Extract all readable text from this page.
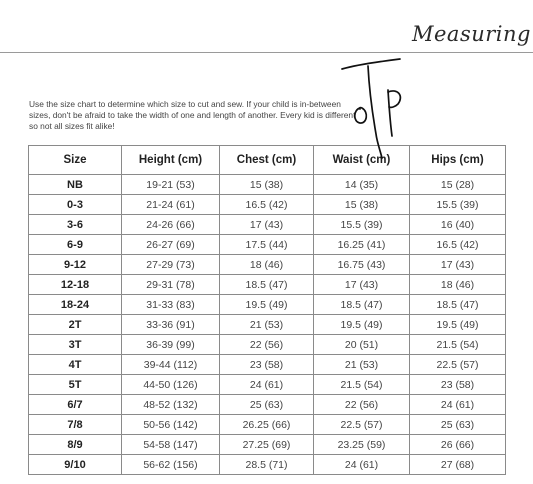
Measuring

Use the size chart to determine which size to cut and sew. If your child is in-between sizes, don't be afraid to take the width of one and length of another. Every kid is different so not all sizes fit alike!

Size	Height (cm)	Chest (cm)	Waist (cm)	Hips (cm)
NB	19-21 (53)	15 (38)	14 (35)	15 (28)
0-3	21-24 (61)	16.5 (42)	15 (38)	15.5 (39)
3-6	24-26 (66)	17 (43)	15.5 (39)	16 (40)
6-9	26-27 (69)	17.5 (44)	16.25 (41)	16.5 (42)
9-12	27-29 (73)	18 (46)	16.75 (43)	17 (43)
12-18	29-31 (78)	18.5 (47)	17 (43)	18 (46)
18-24	31-33 (83)	19.5 (49)	18.5 (47)	18.5 (47)
2T	33-36 (91)	21 (53)	19.5 (49)	19.5 (49)
3T	36-39 (99)	22 (56)	20 (51)	21.5 (54)
4T	39-44 (112)	23 (58)	21 (53)	22.5 (57)
5T	44-50 (126)	24 (61)	21.5 (54)	23 (58)
6/7	48-52 (132)	25 (63)	22 (56)	24 (61)
7/8	50-56 (142)	26.25 (66)	22.5 (57)	25 (63)
8/9	54-58 (147)	27.25 (69)	23.25 (59)	26 (66)
9/10	56-62 (156)	28.5 (71)	24 (61)	27 (68)
